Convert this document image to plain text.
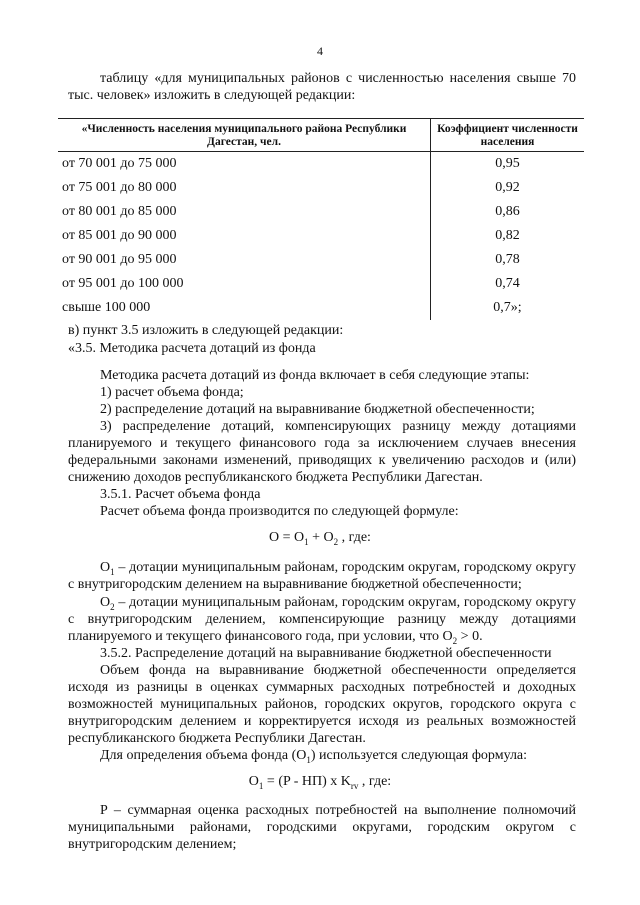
4
таблицу «для муниципальных районов с численностью населения свыше 70 тыс. человек» изложить в следующей редакции:
«Численность населения муниципального района Республики Дагестан, чел.	Коэффициент численности населения
от 70 001 до 75 000	0,95
от 75 001 до 80 000	0,92
от 80 001 до 85 000	0,86
от 85 001 до 90 000	0,82
от 90 001 до 95 000	0,78
от 95 001 до 100 000	0,74
свыше 100 000	0,7»;
в) пункт 3.5 изложить в следующей редакции:
«3.5. Методика расчета дотаций из фонда
Методика расчета дотаций из фонда включает в себя следующие этапы:
1) расчет объема фонда;
2) распределение дотаций на выравнивание бюджетной обеспеченности;
3) распределение дотаций, компенсирующих разницу между дотациями планируемого и текущего финансового года за исключением случаев внесения федеральными законами изменений, приводящих к увеличению расходов и (или) снижению доходов республиканского бюджета Республики Дагестан.
3.5.1. Расчет объема фонда
Расчет объема фонда производится по следующей формуле:
$O = O_1 + O_2$ , где:
$O_1$ – дотации муниципальным районам, городским округам, городскому округу с внутригородским делением на выравнивание бюджетной обеспеченности;
$O_2$ – дотации муниципальным районам, городским округам, городскому округу с внутригородским делением, компенсирующие разницу между дотациями планируемого и текущего финансового года, при условии, что $O_2 > 0$.
3.5.2. Распределение дотаций на выравнивание бюджетной обеспеченности
Объем фонда на выравнивание бюджетной обеспеченности определяется исходя из разницы в оценках суммарных расходных потребностей и доходных возможностей муниципальных районов, городских округов, городского округа с внутригородским делением и корректируется исходя из реальных возможностей республиканского бюджета Республики Дагестан.
Для определения объема фонда $(O_1)$ используется следующая формула:
$O_1 = (P - НП)$ x $K_{rv}$ , где:
P – суммарная оценка расходных потребностей на выполнение полномочий муниципальными районами, городскими округами, городским округом с внутригородским делением;
